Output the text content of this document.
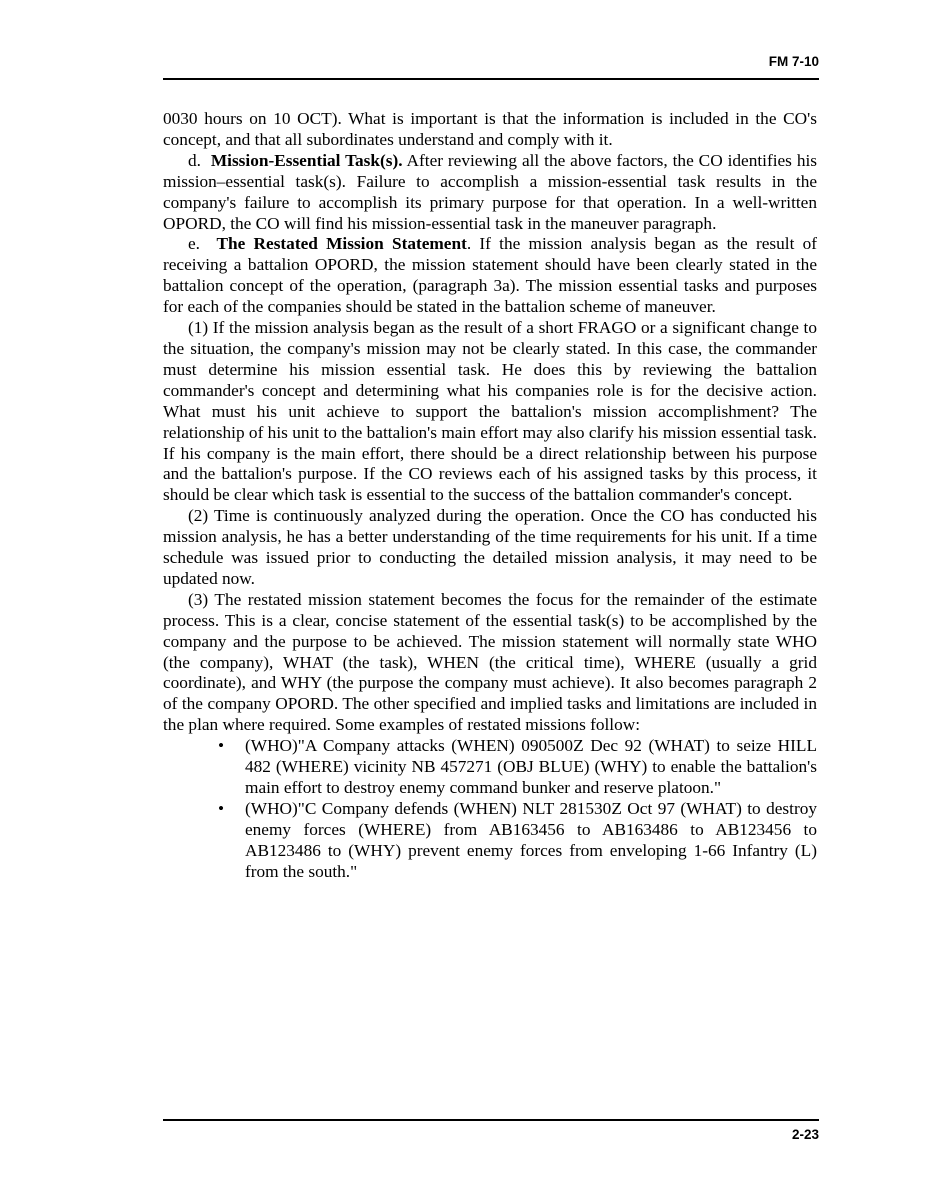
FM 7-10

0030 hours on 10 OCT). What is important is that the information is included in the CO's concept, and that all subordinates understand and comply with it.

d. Mission-Essential Task(s). After reviewing all the above factors, the CO identifies his mission–essential task(s). Failure to accomplish a mission-essential task results in the company's failure to accomplish its primary purpose for that operation. In a well-written OPORD, the CO will find his mission-essential task in the maneuver paragraph.

e. The Restated Mission Statement. If the mission analysis began as the result of receiving a battalion OPORD, the mission statement should have been clearly stated in the battalion concept of the operation, (paragraph 3a). The mission essential tasks and purposes for each of the companies should be stated in the battalion scheme of maneuver.

(1) If the mission analysis began as the result of a short FRAGO or a significant change to the situation, the company's mission may not be clearly stated. In this case, the commander must determine his mission essential task. He does this by reviewing the battalion commander's concept and determining what his companies role is for the decisive action. What must his unit achieve to support the battalion's mission accomplishment? The relationship of his unit to the battalion's main effort may also clarify his mission essential task. If his company is the main effort, there should be a direct relationship between his purpose and the battalion's purpose. If the CO reviews each of his assigned tasks by this process, it should be clear which task is essential to the success of the battalion commander's concept.

(2) Time is continuously analyzed during the operation. Once the CO has conducted his mission analysis, he has a better understanding of the time requirements for his unit. If a time schedule was issued prior to conducting the detailed mission analysis, it may need to be updated now.

(3) The restated mission statement becomes the focus for the remainder of the estimate process. This is a clear, concise statement of the essential task(s) to be accomplished by the company and the purpose to be achieved. The mission statement will normally state WHO (the company), WHAT (the task), WHEN (the critical time), WHERE (usually a grid coordinate), and WHY (the purpose the company must achieve). It also becomes paragraph 2 of the company OPORD. The other specified and implied tasks and limitations are included in the plan where required. Some examples of restated missions follow:

• (WHO)"A Company attacks (WHEN) 090500Z Dec 92 (WHAT) to seize HILL 482 (WHERE) vicinity NB 457271 (OBJ BLUE) (WHY) to enable the battalion's main effort to destroy enemy command bunker and reserve platoon."
• (WHO)"C Company defends (WHEN) NLT 281530Z Oct 97 (WHAT) to destroy enemy forces (WHERE) from AB163456 to AB163486 to AB123456 to AB123486 to (WHY) prevent enemy forces from enveloping 1-66 Infantry (L) from the south."
2-23
